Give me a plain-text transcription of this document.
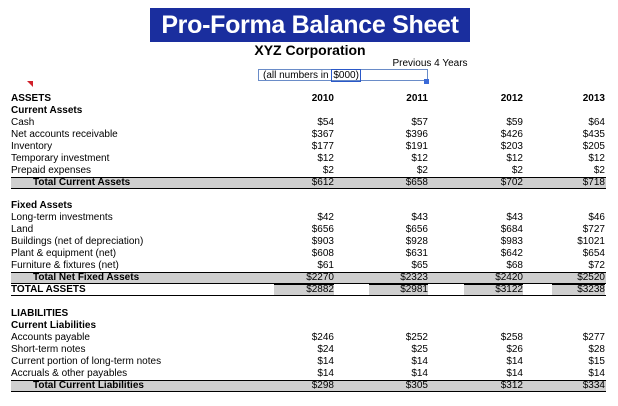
Pro-Forma Balance Sheet
XYZ Corporation
Previous 4 Years
(all numbers in $000)
ASSETS	2010	2011	2012	2013
Current Assets
Cash	$54	$57	$59	$64
Net accounts receivable	$367	$396	$426	$435
Inventory	$177	$191	$203	$205
Temporary investment	$12	$12	$12	$12
Prepaid expenses	$2	$2	$2	$2
Total Current Assets	$612	$658	$702	$718
Fixed Assets
Long-term investments	$42	$43	$43	$46
Land	$656	$656	$684	$727
Buildings (net of depreciation)	$903	$928	$983	$1021
Plant & equipment (net)	$608	$631	$642	$654
Furniture & fixtures (net)	$61	$65	$68	$72
Total Net Fixed Assets	$2270	$2323	$2420	$2520
TOTAL ASSETS	$2882	$2981	$3122	$3238
LIABILITIES
Current Liabilities
Accounts payable	$246	$252	$258	$277
Short-term notes	$24	$25	$26	$28
Current portion of long-term notes	$14	$14	$14	$15
Accruals & other payables	$14	$14	$14	$14
Total Current Liabilities	$298	$305	$312	$334
